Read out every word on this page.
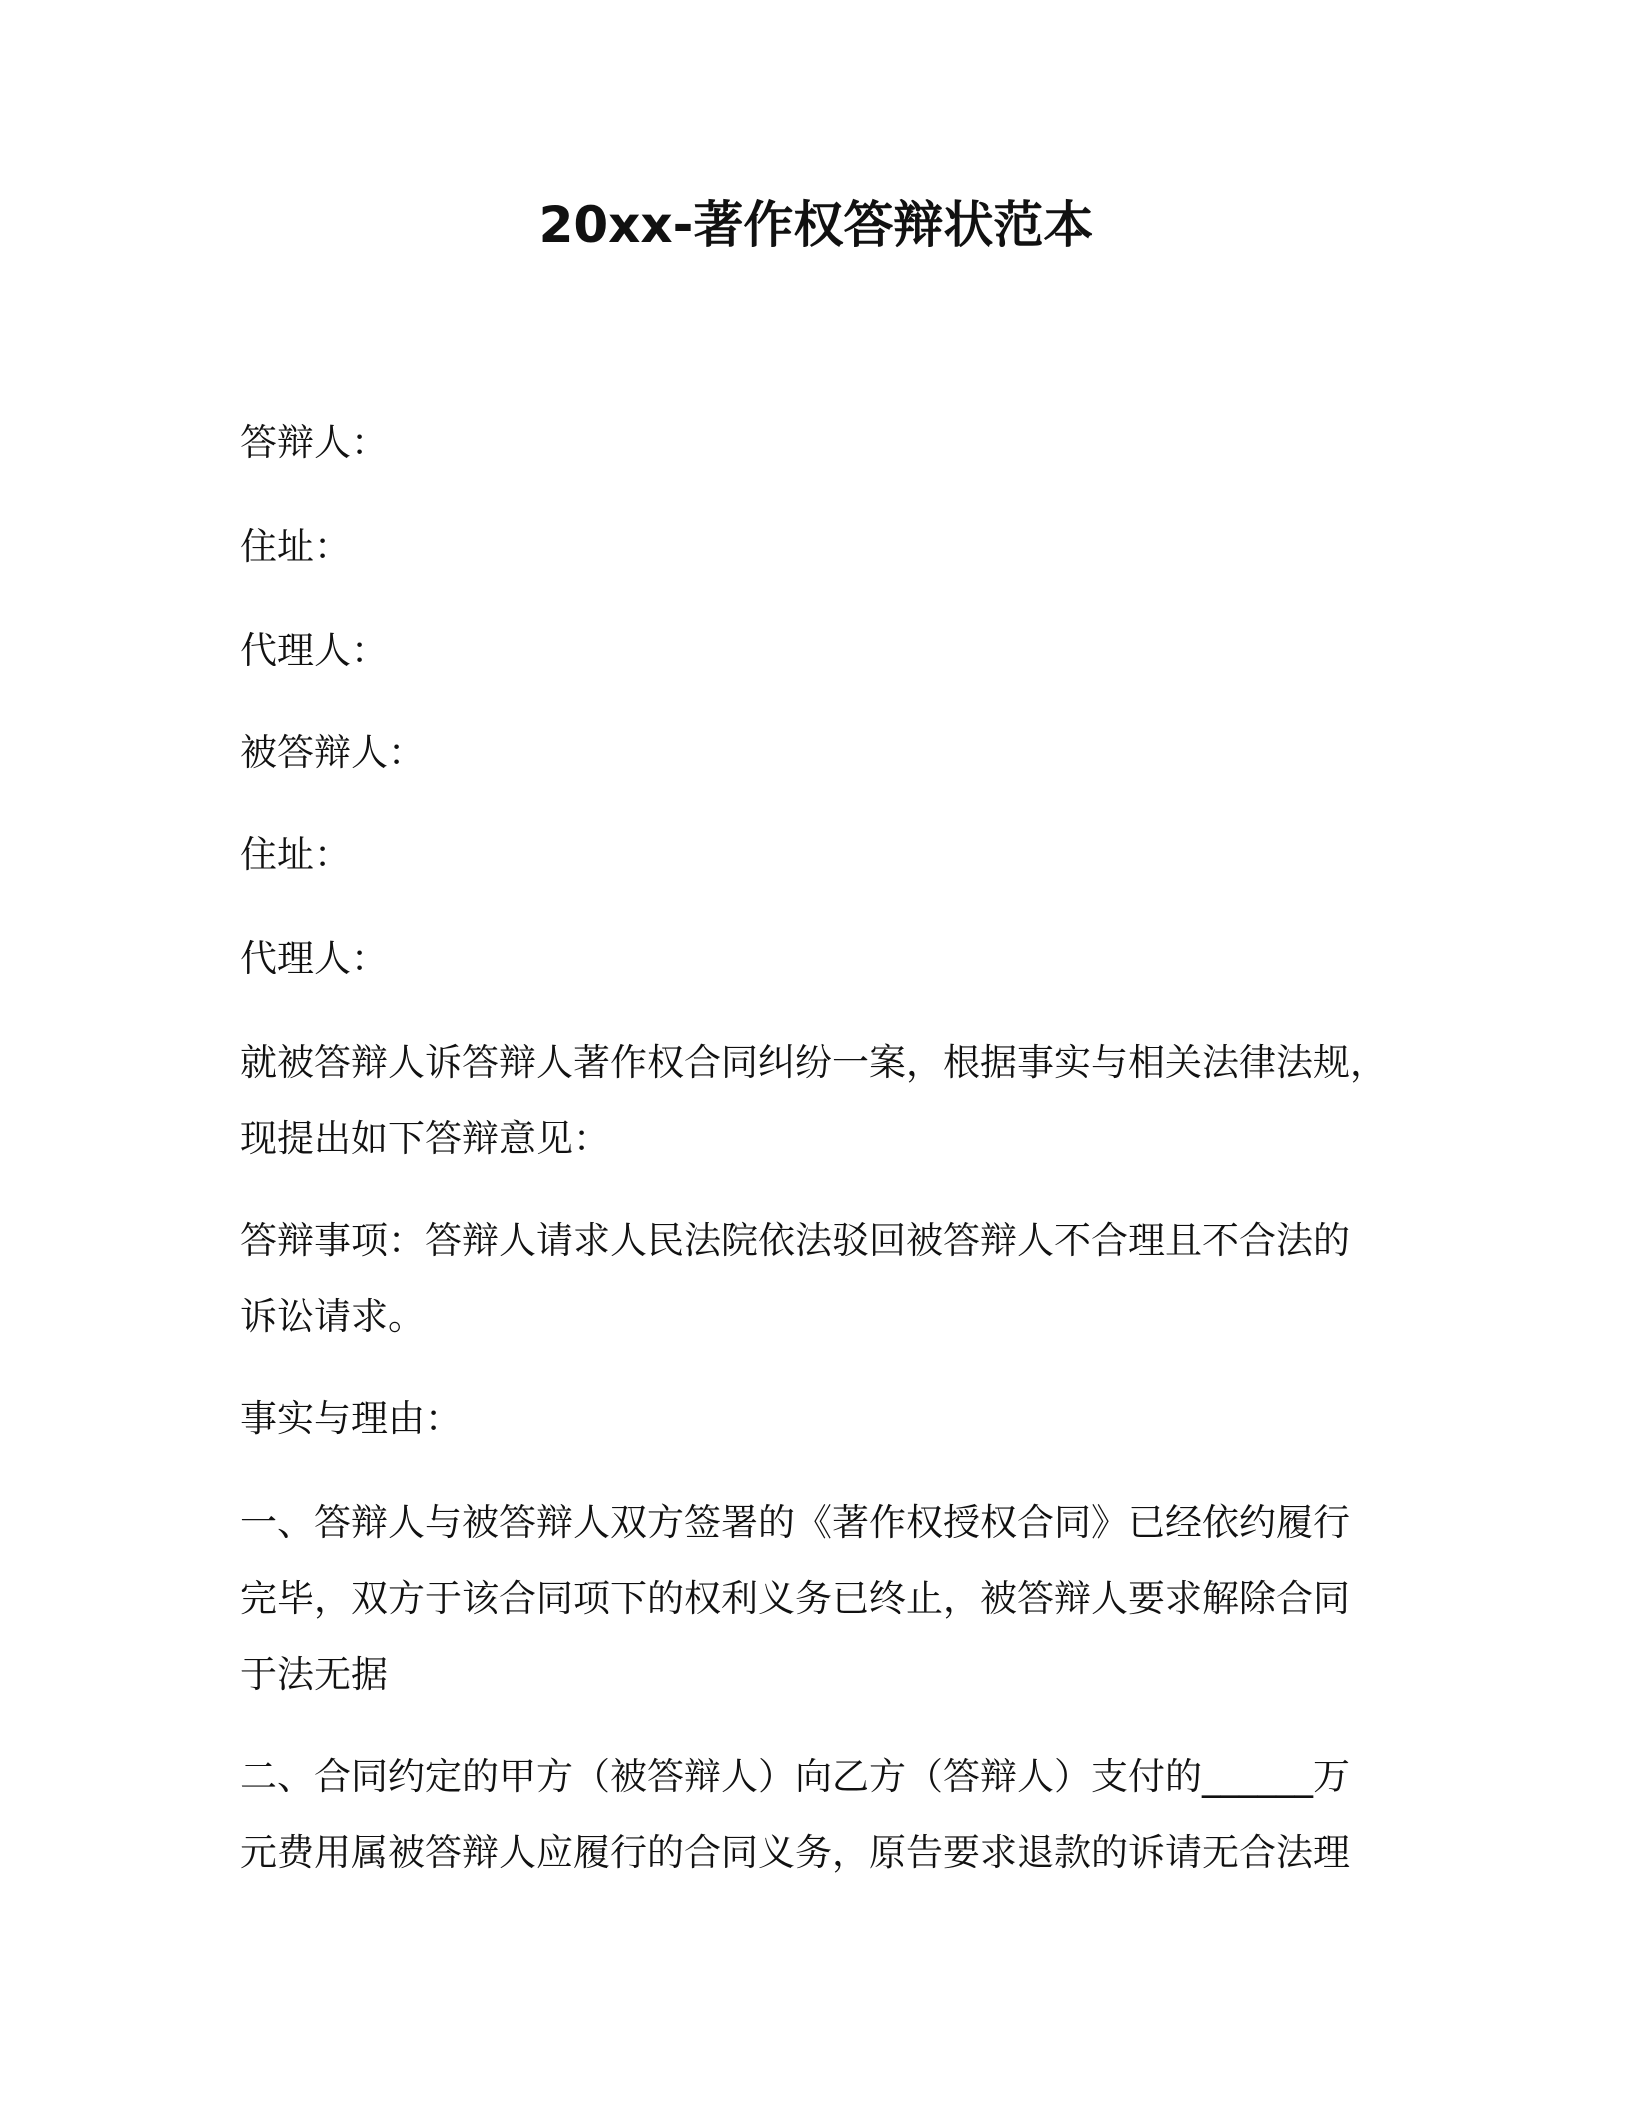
20xx-著作权答辩状范本

答辩人：

住址：

代理人：

被答辩人：

住址：

代理人：

就被答辩人诉答辩人著作权合同纠纷一案，根据事实与相关法律法规，

现提出如下答辩意见：

答辩事项：答辩人请求人民法院依法驳回被答辩人不合理且不合法的

诉讼请求。

事实与理由：

一、答辩人与被答辩人双方签署的《著作权授权合同》已经依约履行

完毕，双方于该合同项下的权利义务已终止，被答辩人要求解除合同

于法无据

二、合同约定的甲方（被答辩人）向乙方（答辩人）支付的______万

元费用属被答辩人应履行的合同义务，原告要求退款的诉请无合法理
